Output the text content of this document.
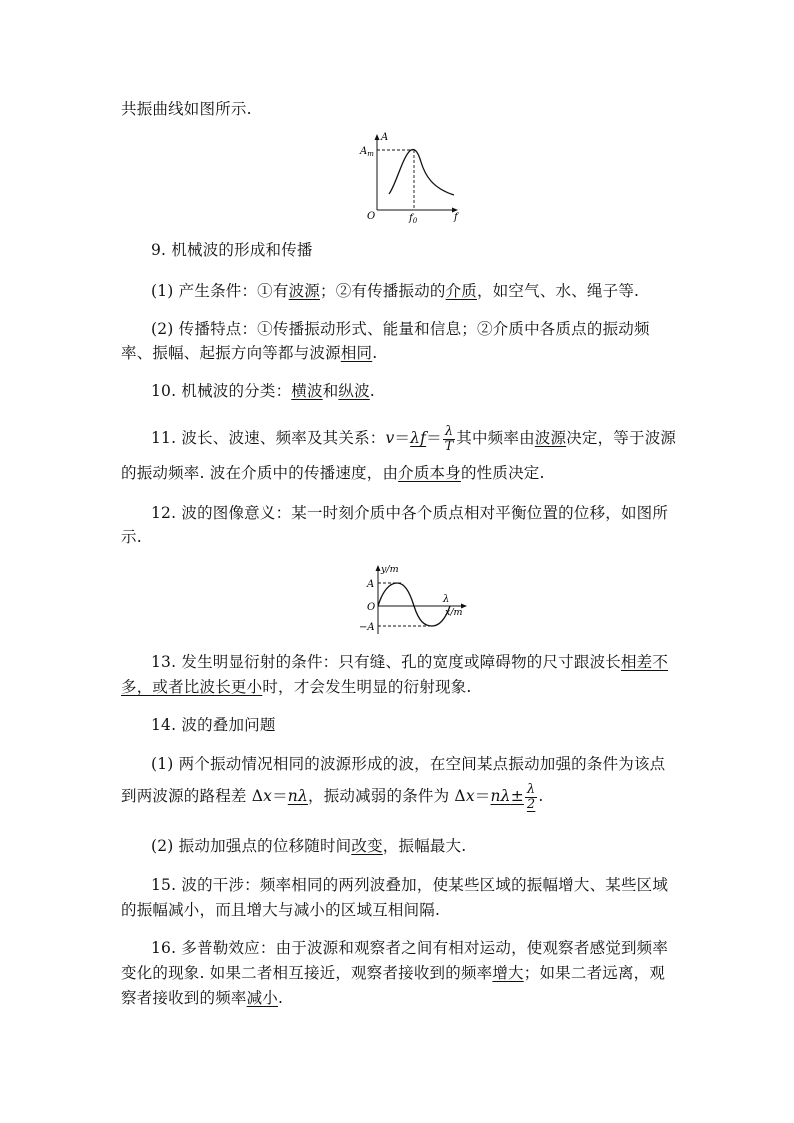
共振曲线如图所示.
A
$A_m$
O	$f_0$	f
9. 机械波的形成和传播
(1) 产生条件：①有波源；②有传播振动的介质，如空气、水、绳子等.
(2) 传播特点：①传播振动形式、能量和信息；②介质中各质点的振动频
率、振幅、起振方向等都与波源相同.
10. 机械波的分类：横波和纵波.
11. 波长、波速、频率及其关系：$v=\lambda f= \frac{\lambda}{T}$ 其中频率由波源决定，等于波源
的振动频率. 波在介质中的传播速度，由介质本身的性质决定.
12. 波的图像意义：某一时刻介质中各个质点相对平衡位置的位移，如图所
示.
y/m
A
O
−A
λ
x/m
13. 发生明显衍射的条件：只有缝、孔的宽度或障碍物的尺寸跟波长相差不
多，或者比波长更小时，才会发生明显的衍射现象.
14. 波的叠加问题
(1) 两个振动情况相同的波源形成的波，在空间某点振动加强的条件为该点
到两波源的路程差 Δx＝nλ，振动减弱的条件为 $\Delta x=n\lambda\pm \frac{\lambda}{2}$ .
(2) 振动加强点的位移随时间改变，振幅最大.
15. 波的干涉：频率相同的两列波叠加，使某些区域的振幅增大、某些区域
的振幅减小，而且增大与减小的区域互相间隔.
16. 多普勒效应：由于波源和观察者之间有相对运动，使观察者感觉到频率
变化的现象. 如果二者相互接近，观察者接收到的频率增大；如果二者远离，观
察者接收到的频率减小.
